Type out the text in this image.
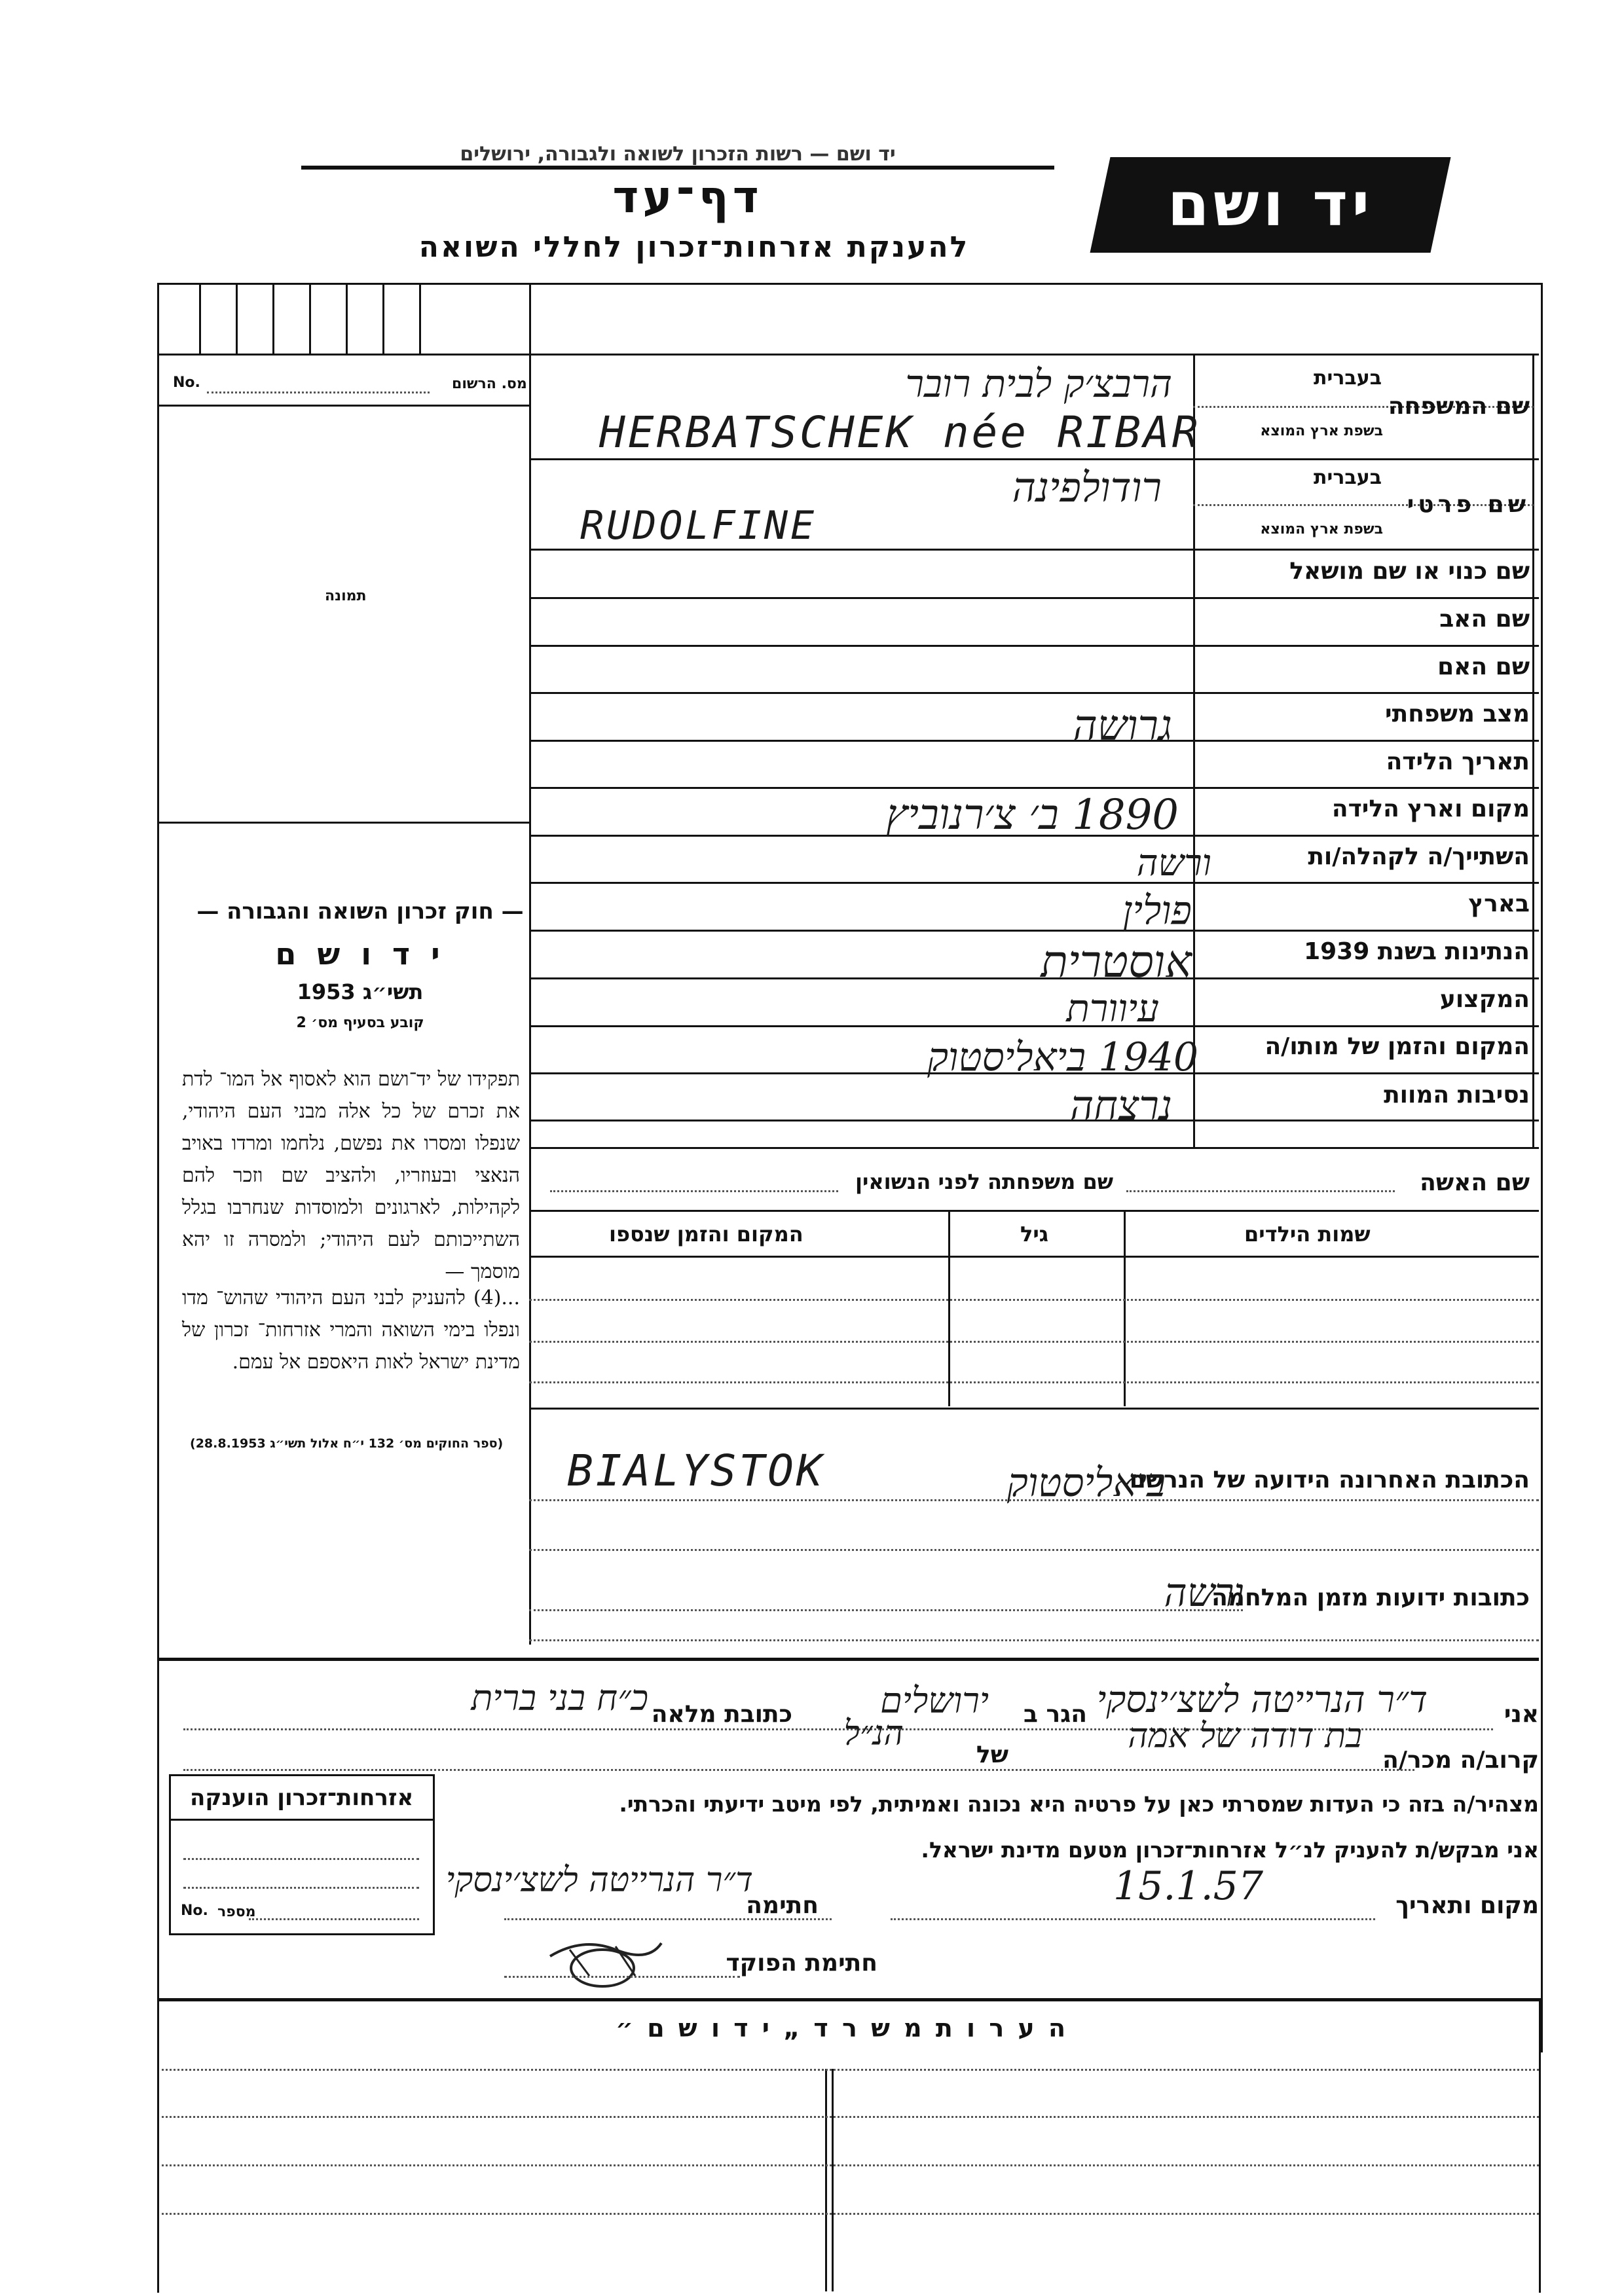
יד ושם — רשות הזכרון לשואה ולגבורה, ירושלים
דף־עד
להענקת אזרחות־זכרון לחללי השואה
יד ושם
No.	מס. הרשום
תמונה
— חוק זכרון השואה והגבורה —
י ד ו ש ם
תשי״ג 1953
קובע בסעיף מס׳ 2
תפקידו של יד־ושם הוא לאסוף אל המו־ לדת את זכרם של כל אלה מבני העם היהודי, שנפלו ומסרו את נפשם, נלחמו ומרדו באויב הנאצי ובעוזריו, ולהציב שם וזכר להם לקהילות, לארגונים ולמוסדות שנחרבו בגלל השתייכותם לעם היהודי; ולמסרה זו יהא מוסמך —
...(4) להעניק לבני העם היהודי שהוש־ מדו ונפלו בימי השואה והמרי אזרחות־ זכרון של מדינת ישראל לאות היאספם אל עמם.
(ספר החוקים מס׳ 132 י״ח אלול תשי״ג 28.8.1953)
שם המשפחה
בעברית
בשפת ארץ המוצא
שם פרטי
בעברית
בשפת ארץ המוצא
שם כנוי או שם מושאל
שם האב
שם האם
מצב משפחתי
תאריך הלידה
מקום וארץ הלידה
השתייך/ה לקהלה/ות
בארץ
הנתינות בשנת 1939
המקצוע
המקום והזמן של מותו/ה
נסיבות המוות
הרבצ׳ק לבית רובר
HERBATSCHEK née RIBAR
רודולפינה
RUDOLFINE
גרושה
1890 ב׳ צ׳רנוביץ
ורשה
פולין
אוסטרית
עיוורת
1940 ביאליסטוק
נרצחה
שם האשה
שם משפחתה לפני הנשואין
שמות הילדים
גיל
המקום והזמן שנספו
הכתובת האחרונה הידועה של הנרשם
BIALYSTOK	ביאליסטוק
כתובות ידועות מזמן המלחמה
ורשה
אני
ד״ר הנרייטה לשצ׳ינסקי
הגר ב
ירושלים
כתובת מלאה
כ״ח בני ברית
קרוב/ה מכר/ה
בת דודה של אמה
של
הנ״ל
מצהיר/ה בזה כי העדות שמסרתי כאן על פרטיה היא נכונה ואמיתית, לפי מיטב ידיעתי והכרתי.
אני מבקש/ת להעניק לנ״ל אזרחות־זכרון מטעם מדינת ישראל.
מקום ותאריך
15.1.57
חתימה
ד״ר הנרייטה לשצ׳ינסקי
חתימת הפוקד
אזרחות־זכרון הוענקה
No. מספר
ה ע ר ו ת מ ש ר ד „ י ד ו ש ם ״
